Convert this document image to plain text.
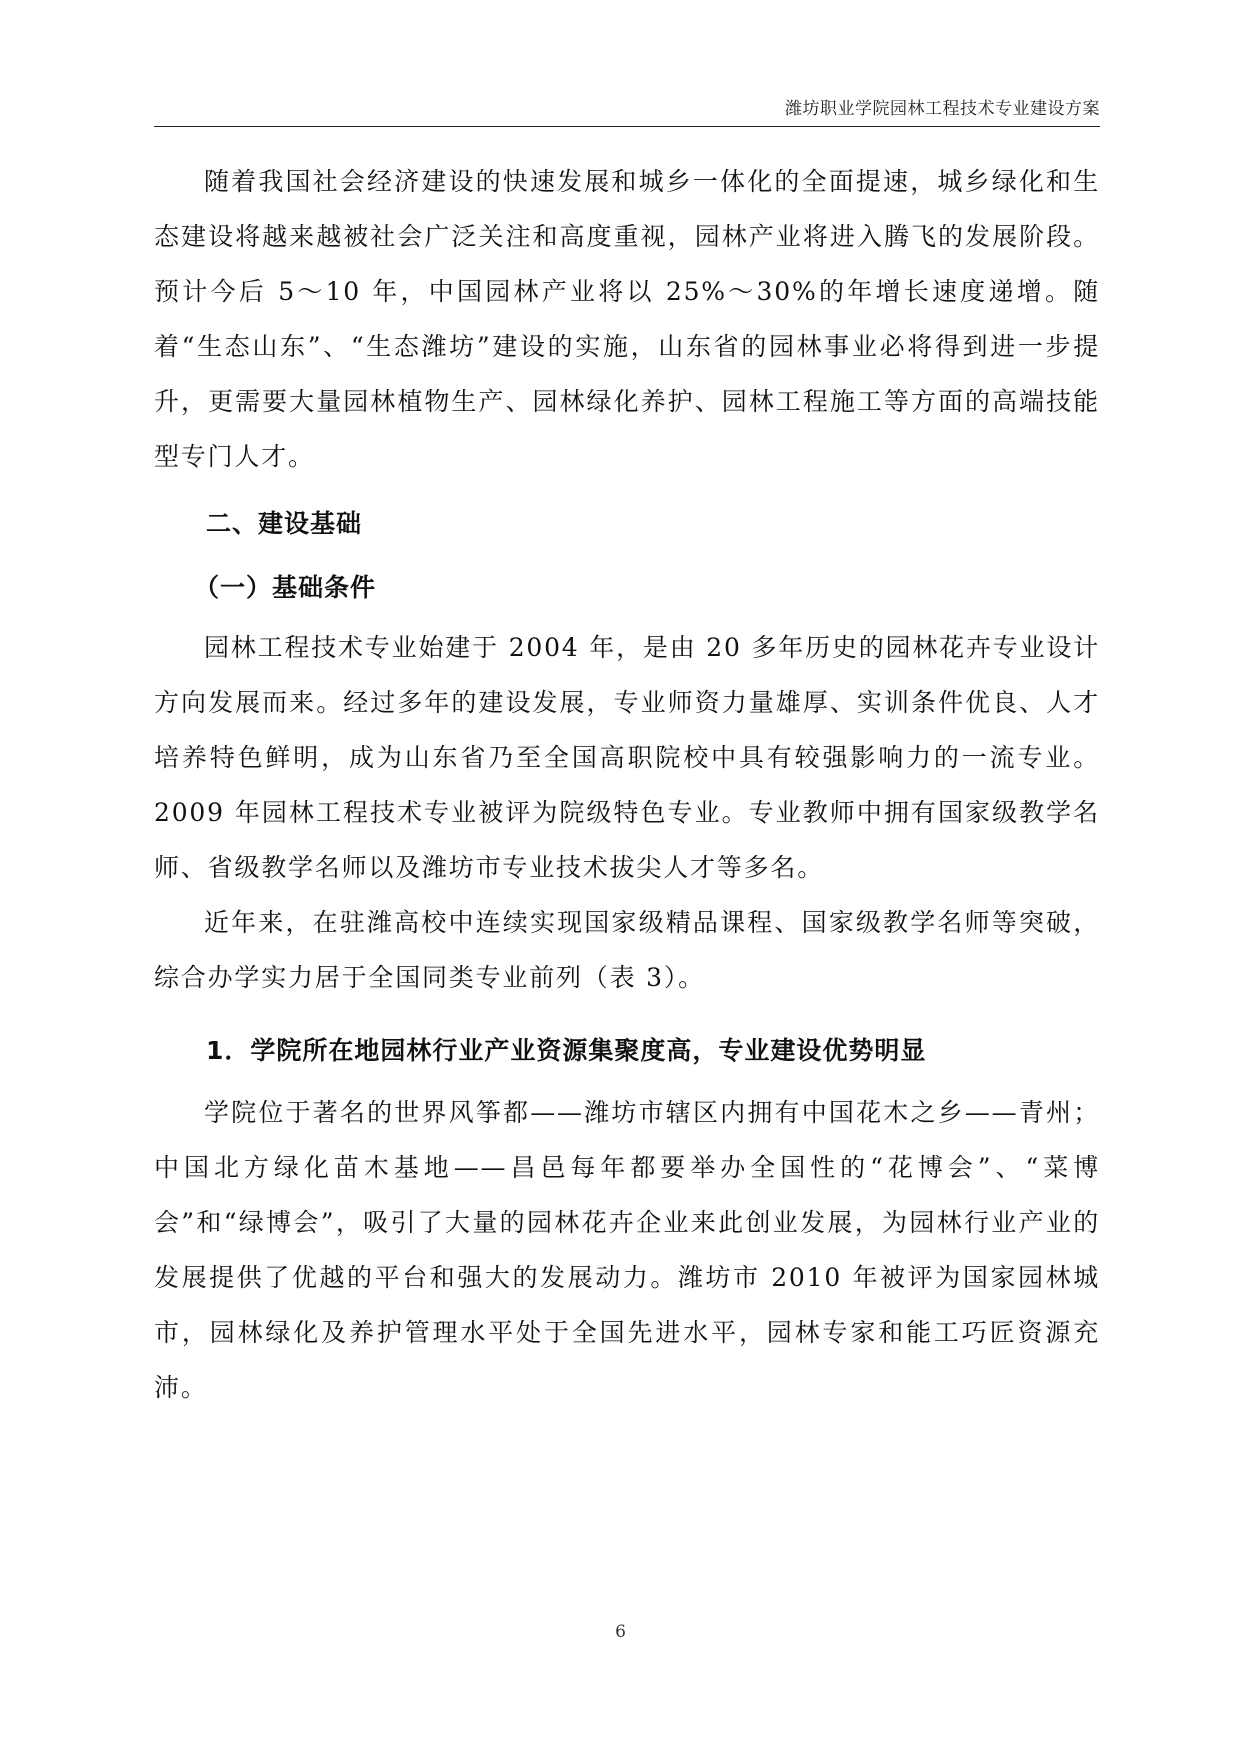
潍坊职业学院园林工程技术专业建设方案

随着我国社会经济建设的快速发展和城乡一体化的全面提速，城乡绿化和生态建设将越来越被社会广泛关注和高度重视，园林产业将进入腾飞的发展阶段。预计今后 5～10 年，中国园林产业将以 25%～30%的年增长速度递增。随着“生态山东”、“生态潍坊”建设的实施，山东省的园林事业必将得到进一步提升，更需要大量园林植物生产、园林绿化养护、园林工程施工等方面的高端技能型专门人才。

二、建设基础
（一）基础条件

园林工程技术专业始建于 2004 年，是由 20 多年历史的园林花卉专业设计方向发展而来。经过多年的建设发展，专业师资力量雄厚、实训条件优良、人才培养特色鲜明，成为山东省乃至全国高职院校中具有较强影响力的一流专业。2009 年园林工程技术专业被评为院级特色专业。专业教师中拥有国家级教学名师、省级教学名师以及潍坊市专业技术拔尖人才等多名。

近年来，在驻潍高校中连续实现国家级精品课程、国家级教学名师等突破，综合办学实力居于全国同类专业前列（表 3）。

1．学院所在地园林行业产业资源集聚度高，专业建设优势明显

学院位于著名的世界风筝都——潍坊市辖区内拥有中国花木之乡——青州；中国北方绿化苗木基地——昌邑每年都要举办全国性的“花博会”、“菜博会”和“绿博会”，吸引了大量的园林花卉企业来此创业发展，为园林行业产业的发展提供了优越的平台和强大的发展动力。潍坊市 2010 年被评为国家园林城市，园林绿化及养护管理水平处于全国先进水平，园林专家和能工巧匠资源充沛。

6
